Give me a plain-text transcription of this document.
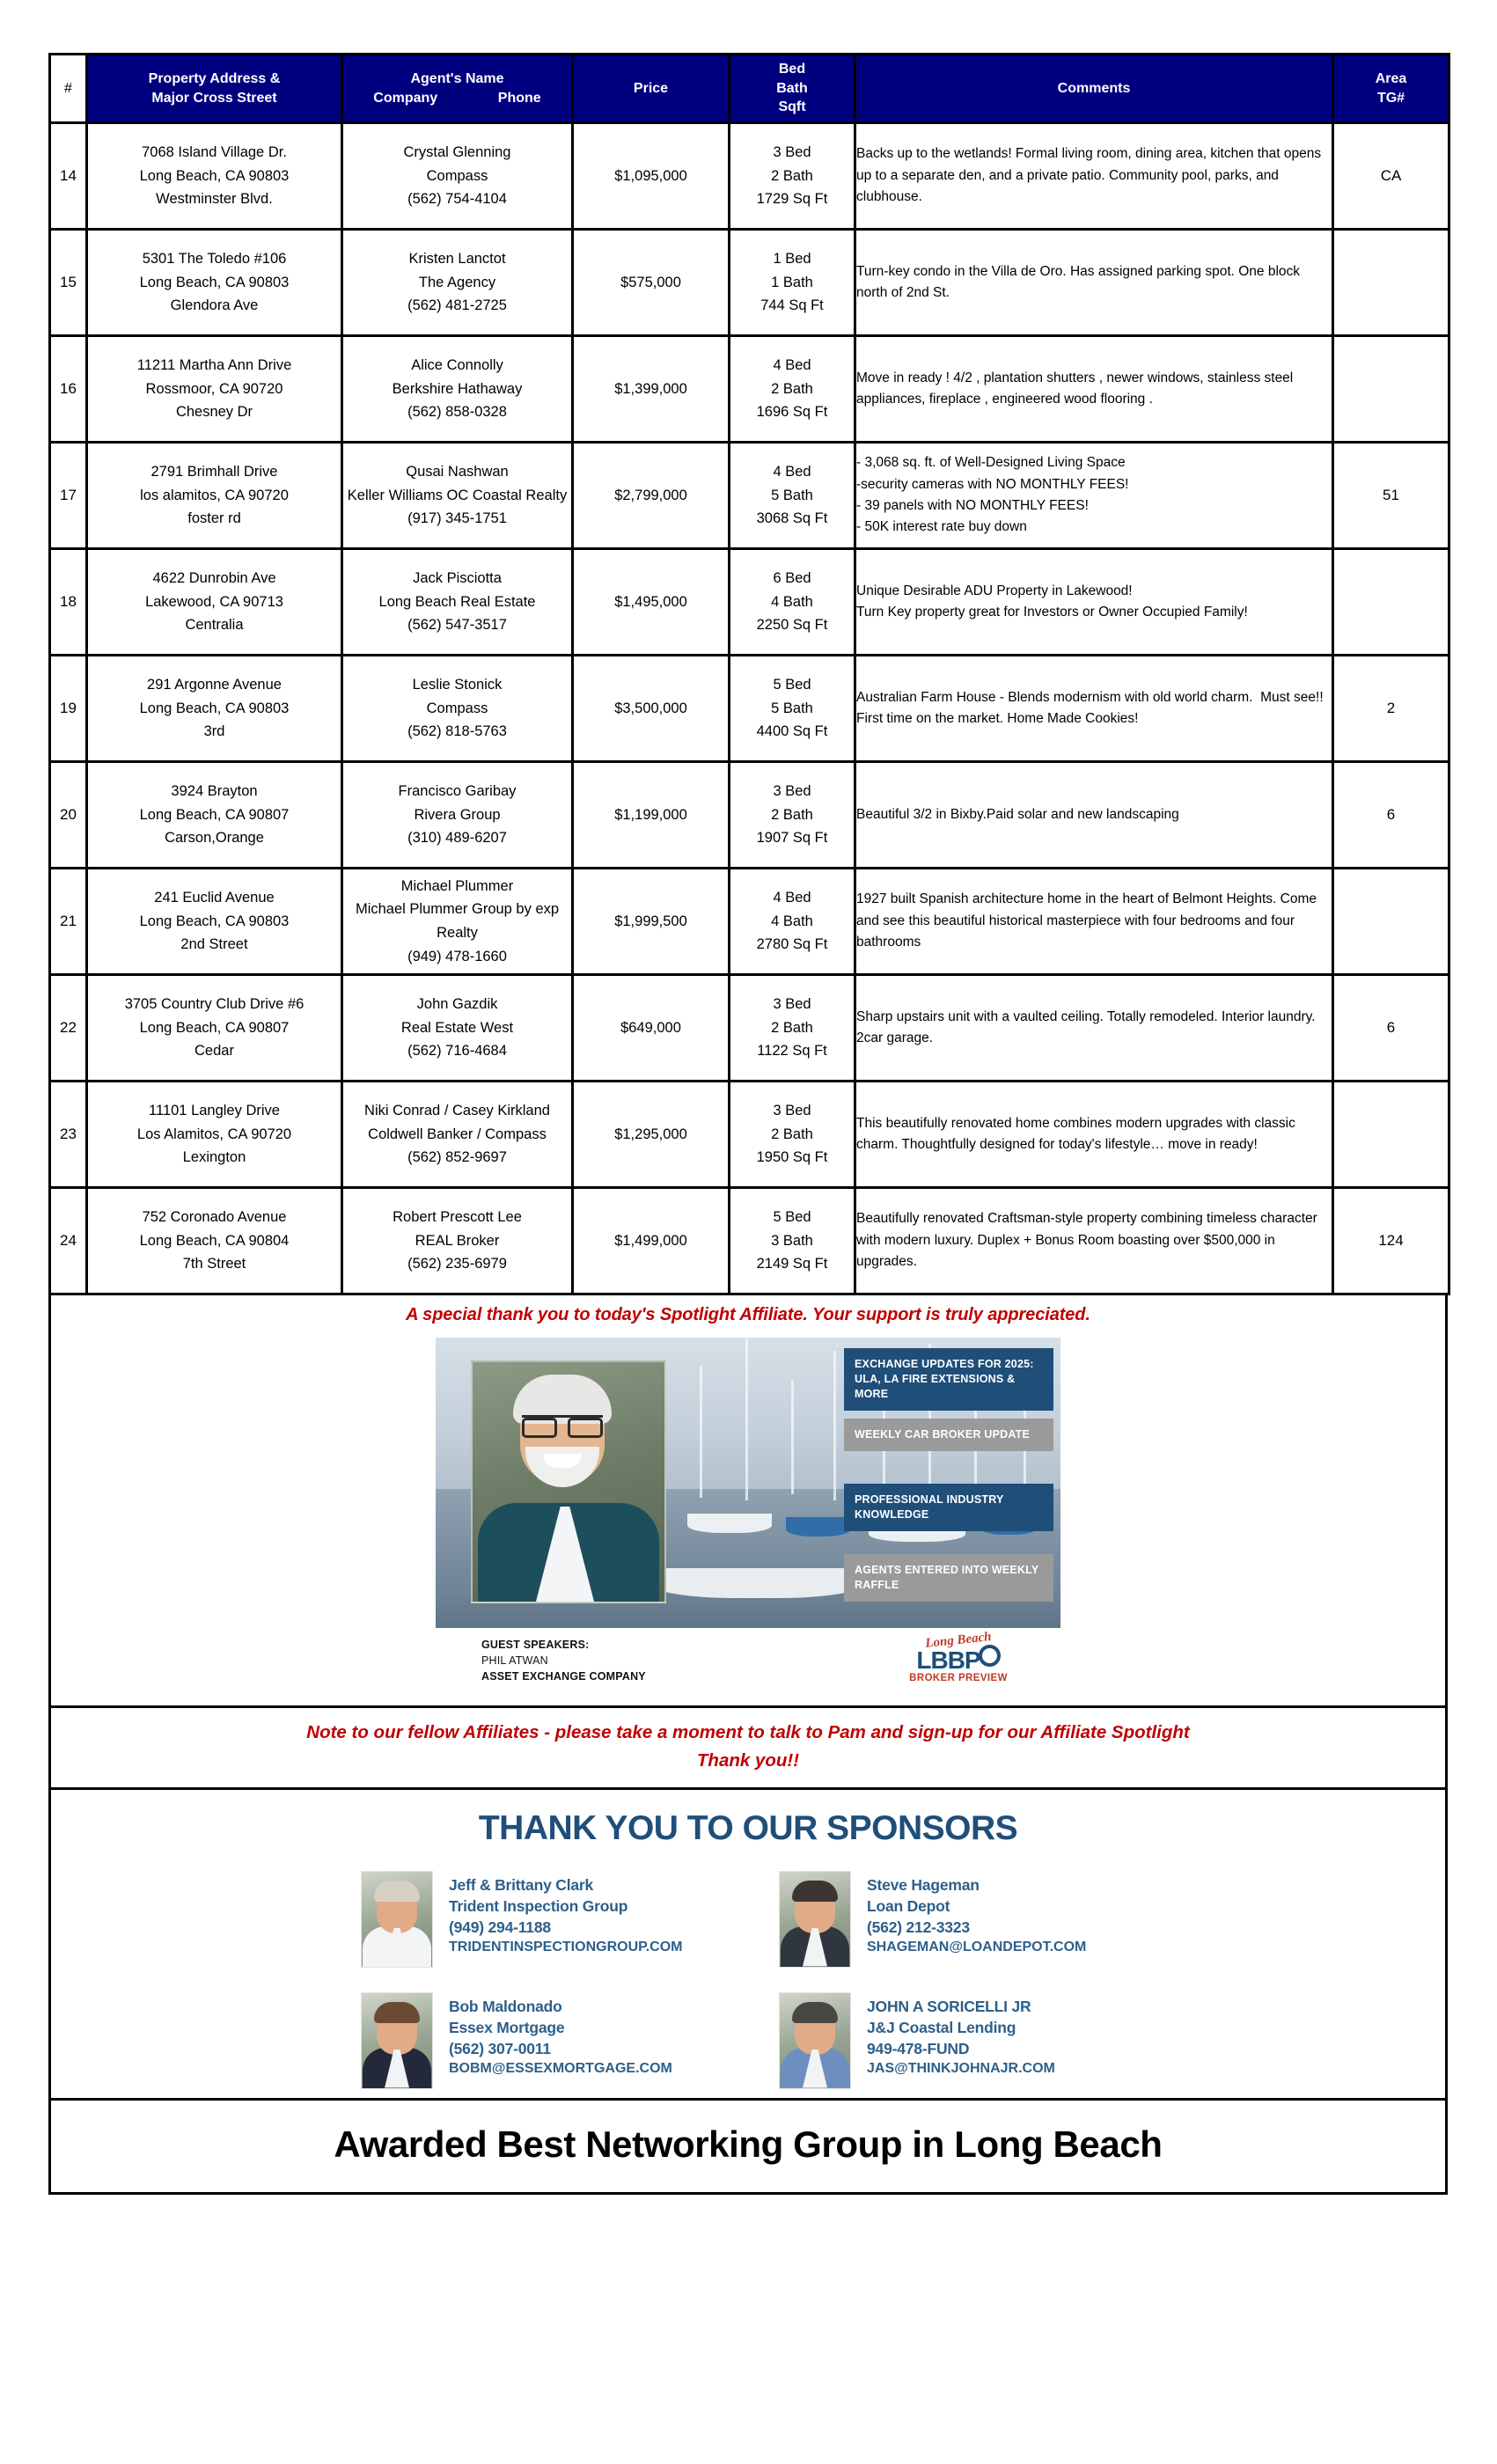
#	Property Address &
Major Cross Street	Agent's Name
Company Phone	Price	Bed
Bath
Sqft	Comments	Area
TG#

14	7068 Island Village Dr.
Long Beach, CA 90803
Westminster Blvd.	Crystal Glenning
Compass
(562) 754-4104	$1,095,000	3 Bed
2 Bath
1729 Sq Ft	Backs up to the wetlands! Formal living room, dining area, kitchen that opens up to a separate den, and a private patio. Community pool, parks, and clubhouse.	CA
15	5301 The Toledo #106
Long Beach, CA 90803
Glendora Ave	Kristen Lanctot
The Agency
(562) 481-2725	$575,000	1 Bed
1 Bath
744 Sq Ft	Turn-key condo in the Villa de Oro. Has assigned parking spot. One block north of 2nd St.	

16	11211 Martha Ann Drive
Rossmoor, CA 90720
Chesney Dr	Alice Connolly
Berkshire Hathaway
(562) 858-0328	$1,399,000	4 Bed
2 Bath
1696 Sq Ft	Move in ready ! 4/2 , plantation shutters , newer windows, stainless steel appliances, fireplace , engineered wood flooring .	

17	2791 Brimhall Drive
los alamitos, CA 90720
foster rd	Qusai Nashwan
Keller Williams OC Coastal Realty
(917) 345-1751	$2,799,000	4 Bed
5 Bath
3068 Sq Ft	- 3,068 sq. ft. of Well-Designed Living Space
-security cameras with NO MONTHLY FEES!
- 39 panels with NO MONTHLY FEES!
- 50K interest rate buy down	51
18	4622 Dunrobin Ave
Lakewood, CA 90713
Centralia	Jack Pisciotta
Long Beach Real Estate
(562) 547-3517	$1,495,000	6 Bed
4 Bath
2250 Sq Ft	Unique Desirable ADU Property in Lakewood!
Turn Key property great for Investors or Owner Occupied Family!	

19	291 Argonne Avenue
Long Beach, CA 90803
3rd	Leslie Stonick
Compass
(562) 818-5763	$3,500,000	5 Bed
5 Bath
4400 Sq Ft	Australian Farm House - Blends modernism with old world charm.  Must see!! First time on the market. Home Made Cookies!	2
20	3924 Brayton
Long Beach, CA 90807
Carson,Orange	Francisco Garibay
Rivera Group
(310) 489-6207	$1,199,000	3 Bed
2 Bath
1907 Sq Ft	Beautiful 3/2 in Bixby.Paid solar and new landscaping	6
21	241 Euclid Avenue
Long Beach, CA 90803
2nd Street	Michael Plummer
Michael Plummer Group by exp Realty
(949) 478-1660	$1,999,500	4 Bed
4 Bath
2780 Sq Ft	1927 built Spanish architecture home in the heart of Belmont Heights. Come and see this beautiful historical masterpiece with four bedrooms and four bathrooms	

22	3705 Country Club Drive #6
Long Beach, CA 90807
Cedar	John Gazdik
Real Estate West
(562) 716-4684	$649,000	3 Bed
2 Bath
1122 Sq Ft	Sharp upstairs unit with a vaulted ceiling. Totally remodeled. Interior laundry. 2car garage.	6
23	11101 Langley Drive
Los Alamitos, CA 90720
Lexington	Niki Conrad / Casey Kirkland
Coldwell Banker / Compass
(562) 852-9697	$1,295,000	3 Bed
2 Bath
1950 Sq Ft	This beautifully renovated home combines modern upgrades with classic charm. Thoughtfully designed for today's lifestyle… move in ready!	

24	752 Coronado Avenue
Long Beach, CA 90804
7th Street	Robert Prescott Lee
REAL Broker
(562) 235-6979	$1,499,000	5 Bed
3 Bath
2149 Sq Ft	Beautifully renovated Craftsman-style property combining timeless character with modern luxury. Duplex + Bonus Room boasting over $500,000 in upgrades.	124
A special thank you to today's Spotlight Affiliate. Your support is truly appreciated.
EXCHANGE UPDATES FOR 2025: ULA, LA FIRE EXTENSIONS & MORE
WEEKLY CAR BROKER UPDATE
PROFESSIONAL INDUSTRY KNOWLEDGE
AGENTS ENTERED INTO WEEKLY RAFFLE
GUEST SPEAKERS:
PHIL ATWAN
ASSET EXCHANGE COMPANY
Long Beach
LBBP
BROKER PREVIEW
Note to our fellow Affiliates - please take a moment to talk to Pam and sign-up for our Affiliate Spotlight
Thank you!!
THANK YOU TO OUR SPONSORS
Jeff & Brittany Clark
Trident Inspection Group
(949) 294-1188
TRIDENTINSPECTIONGROUP.COM
Steve Hageman
Loan Depot
(562) 212-3323
SHAGEMAN@LOANDEPOT.COM
Bob Maldonado
Essex Mortgage
(562) 307-0011
BOBM@ESSEXMORTGAGE.COM
JOHN A SORICELLI JR
J&J Coastal Lending
949-478-FUND
JAS@THINKJOHNAJR.COM
Awarded Best Networking Group in Long Beach
